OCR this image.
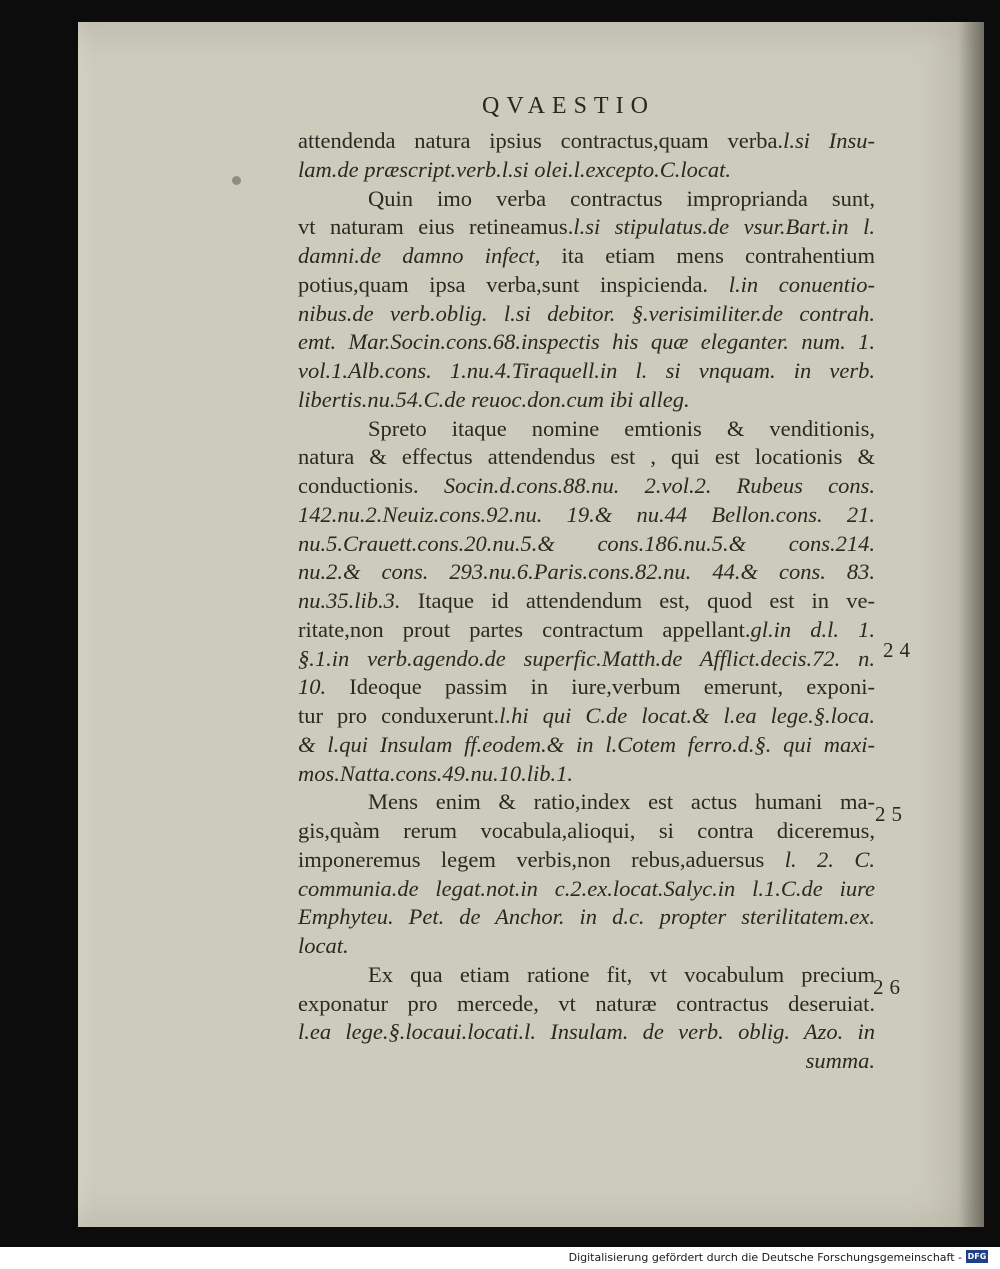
QVAESTIO
attendenda natura ipsius contractus,quam verba.l.si Insu-
lam.de præscript.verb.l.si olei.l.excepto.C.locat.
Quin imo verba contractus improprianda sunt,
vt naturam eius retineamus.l.si stipulatus.de vsur.Bart.in l.
damni.de damno infect, ita etiam mens contrahentium
potius,quam ipsa verba,sunt inspicienda. l.in conuentio-
nibus.de verb.oblig. l.si debitor. §.verisimiliter.de contrah.
emt. Mar.Socin.cons.68.inspectis his quæ eleganter. num. 1.
vol.1.Alb.cons. 1.nu.4.Tiraquell.in l. si vnquam. in verb.
libertis.nu.54.C.de reuoc.don.cum ibi alleg.
Spreto itaque nomine emtionis & venditionis,
natura & effectus attendendus est , qui est locationis &
conductionis. Socin.d.cons.88.nu. 2.vol.2. Rubeus cons.
142.nu.2.Neuiz.cons.92.nu. 19.& nu.44 Bellon.cons. 21.
nu.5.Crauett.cons.20.nu.5.& cons.186.nu.5.& cons.214.
nu.2.& cons. 293.nu.6.Paris.cons.82.nu. 44.& cons. 83.
nu.35.lib.3. Itaque id attendendum est, quod est in ve-
ritate,non prout partes contractum appellant.gl.in d.l. 1.
§.1.in verb.agendo.de superfic.Matth.de Afflict.decis.72. n.
10. Ideoque passim in iure,verbum emerunt, exponi-
tur pro conduxerunt.l.hi qui C.de locat.& l.ea lege.§.loca.
& l.qui Insulam ff.eodem.& in l.Cotem ferro.d.§. qui maxi-
mos.Natta.cons.49.nu.10.lib.1.
Mens enim & ratio,index est actus humani ma-
gis,quàm rerum vocabula,alioqui, si contra diceremus,
imponeremus legem verbis,non rebus,aduersus l. 2. C.
communia.de legat.not.in c.2.ex.locat.Salyc.in l.1.C.de iure
Emphyteu. Pet. de Anchor. in d.c. propter sterilitatem.ex.
locat.
Ex qua etiam ratione fit, vt vocabulum precium
exponatur pro mercede, vt naturæ contractus deseruiat.
l.ea lege.§.locaui.locati.l. Insulam. de verb. oblig. Azo. in
summa.
24
25
26
Digitalisierung gefördert durch die Deutsche Forschungsgemeinschaft - DFG
